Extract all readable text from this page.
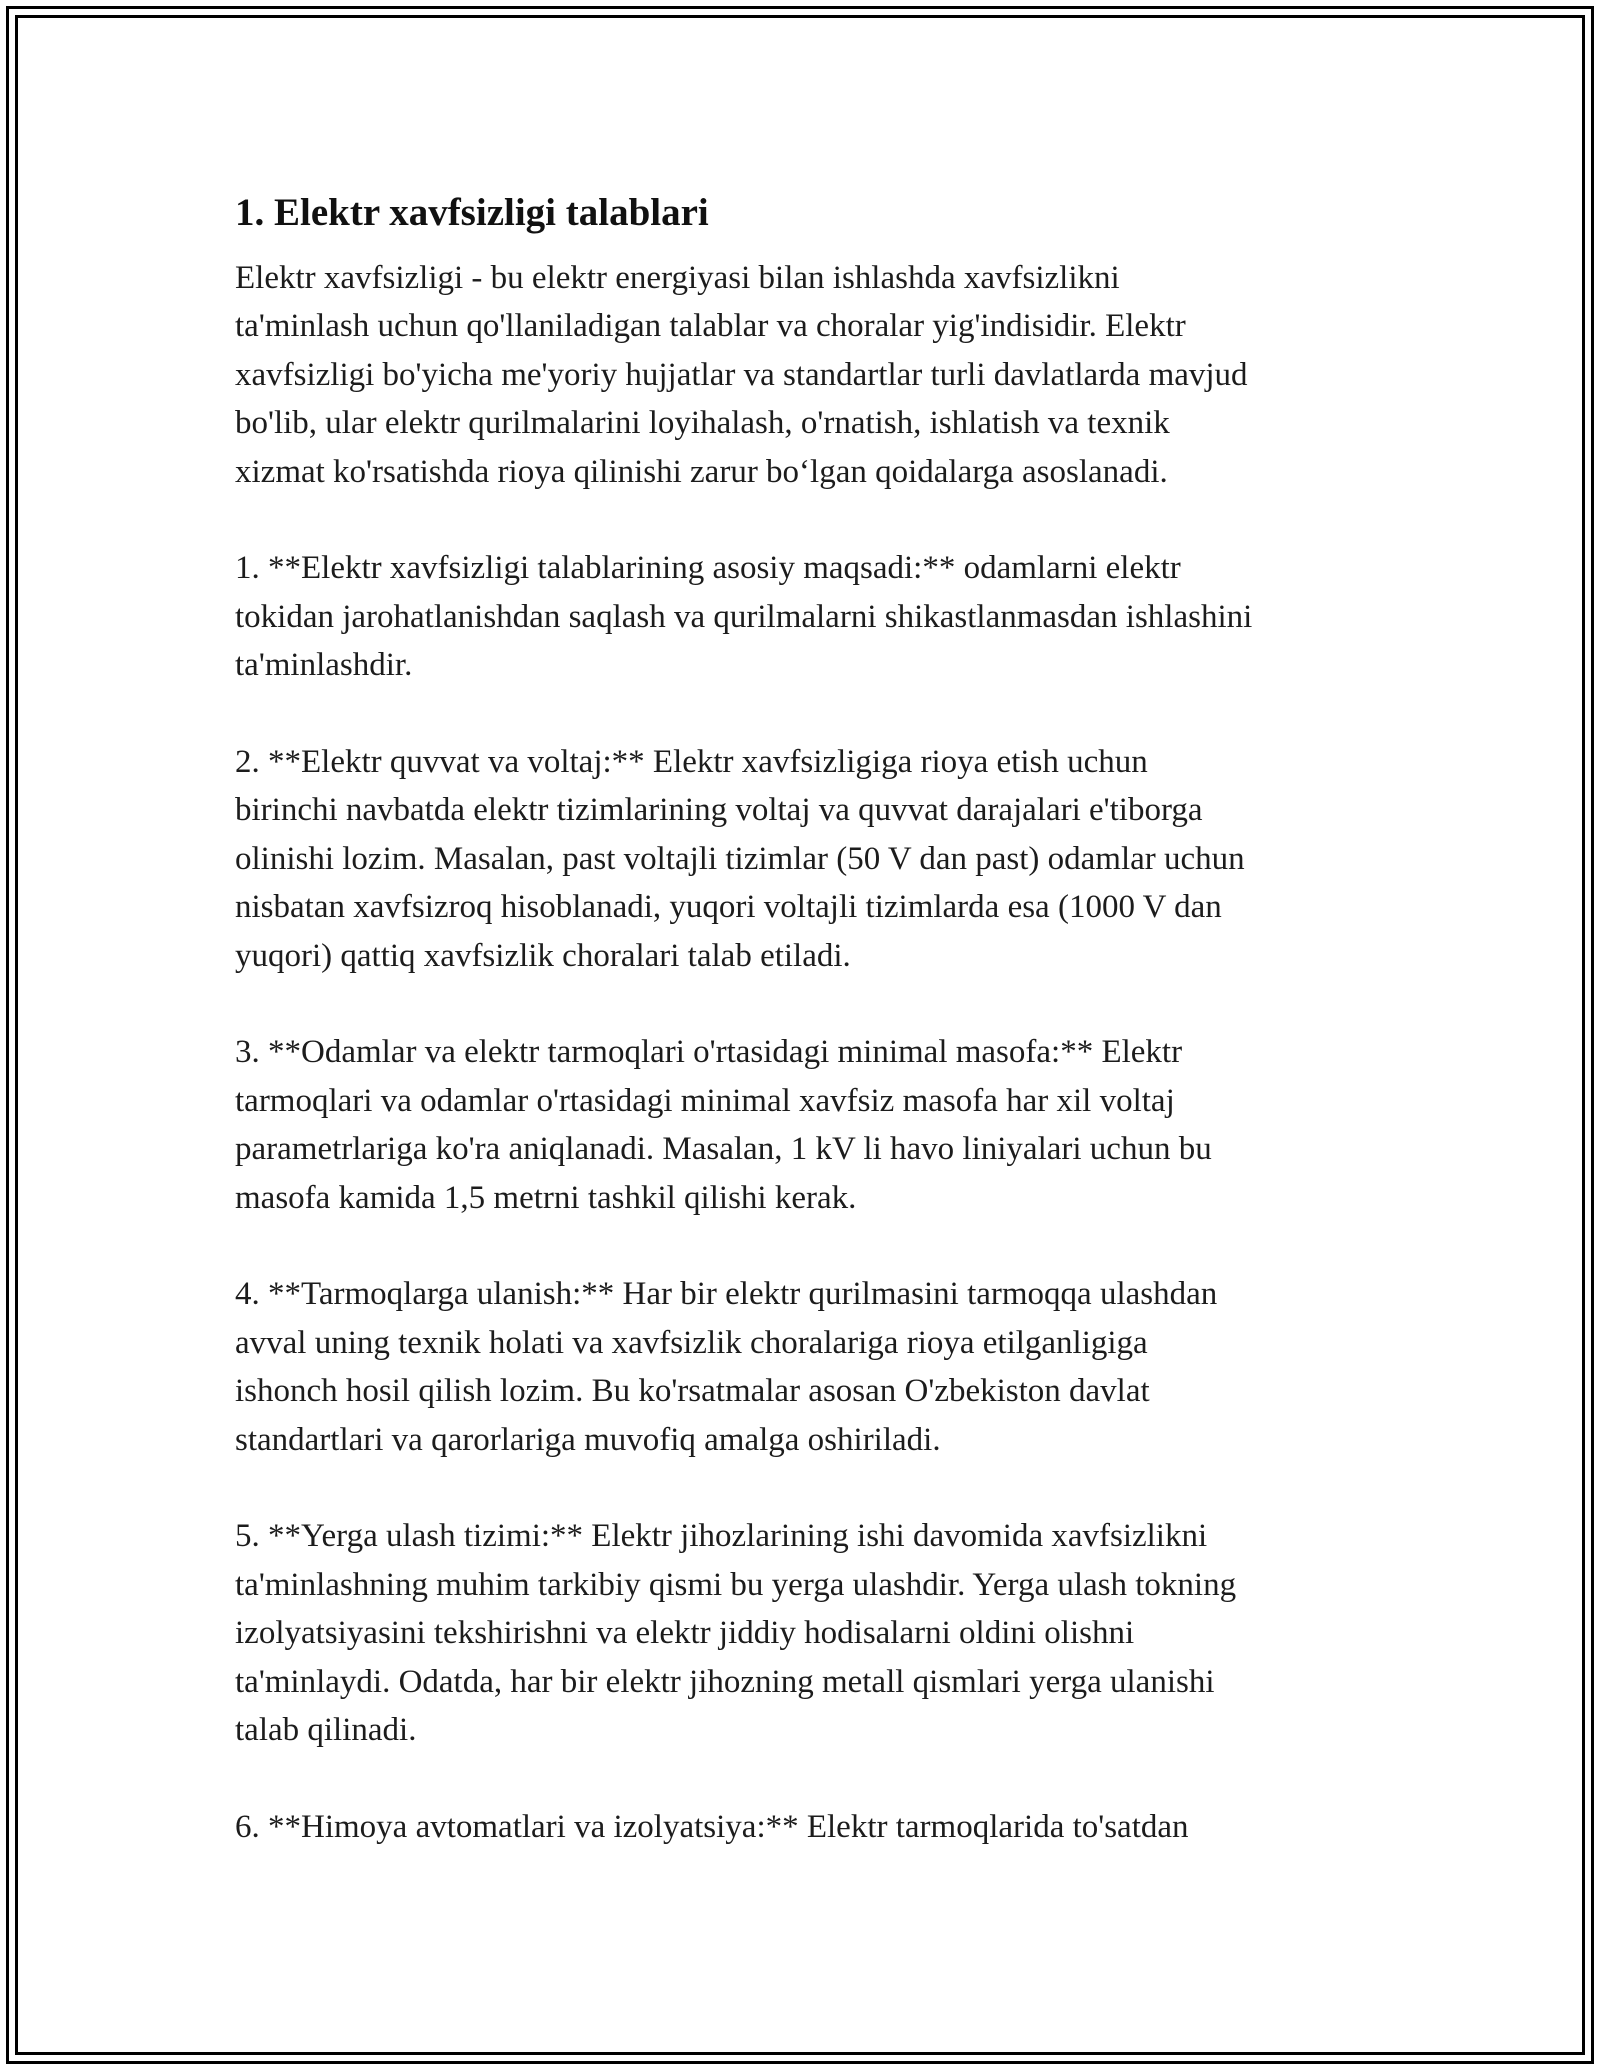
1. Elektr xavfsizligi talablari

Elektr xavfsizligi - bu elektr energiyasi bilan ishlashda xavfsizlikni
ta'minlash uchun qo'llaniladigan talablar va choralar yig'indisidir. Elektr
xavfsizligi bo'yicha me'yoriy hujjatlar va standartlar turli davlatlarda mavjud
bo'lib, ular elektr qurilmalarini loyihalash, o'rnatish, ishlatish va texnik
xizmat ko'rsatishda rioya qilinishi zarur bo‘lgan qoidalarga asoslanadi.

1. **Elektr xavfsizligi talablarining asosiy maqsadi:** odamlarni elektr
tokidan jarohatlanishdan saqlash va qurilmalarni shikastlanmasdan ishlashini
ta'minlashdir.

2. **Elektr quvvat va voltaj:** Elektr xavfsizligiga rioya etish uchun
birinchi navbatda elektr tizimlarining voltaj va quvvat darajalari e'tiborga
olinishi lozim. Masalan, past voltajli tizimlar (50 V dan past) odamlar uchun
nisbatan xavfsizroq hisoblanadi, yuqori voltajli tizimlarda esa (1000 V dan
yuqori) qattiq xavfsizlik choralari talab etiladi.

3. **Odamlar va elektr tarmoqlari o'rtasidagi minimal masofa:** Elektr
tarmoqlari va odamlar o'rtasidagi minimal xavfsiz masofa har xil voltaj
parametrlariga ko'ra aniqlanadi. Masalan, 1 kV li havo liniyalari uchun bu
masofa kamida 1,5 metrni tashkil qilishi kerak.

4. **Tarmoqlarga ulanish:** Har bir elektr qurilmasini tarmoqqa ulashdan
avval uning texnik holati va xavfsizlik choralariga rioya etilganligiga
ishonch hosil qilish lozim. Bu ko'rsatmalar asosan O'zbekiston davlat
standartlari va qarorlariga muvofiq amalga oshiriladi.

5. **Yerga ulash tizimi:** Elektr jihozlarining ishi davomida xavfsizlikni
ta'minlashning muhim tarkibiy qismi bu yerga ulashdir. Yerga ulash tokning
izolyatsiyasini tekshirishni va elektr jiddiy hodisalarni oldini olishni
ta'minlaydi. Odatda, har bir elektr jihozning metall qismlari yerga ulanishi
talab qilinadi.

6. **Himoya avtomatlari va izolyatsiya:** Elektr tarmoqlarida to'satdan
